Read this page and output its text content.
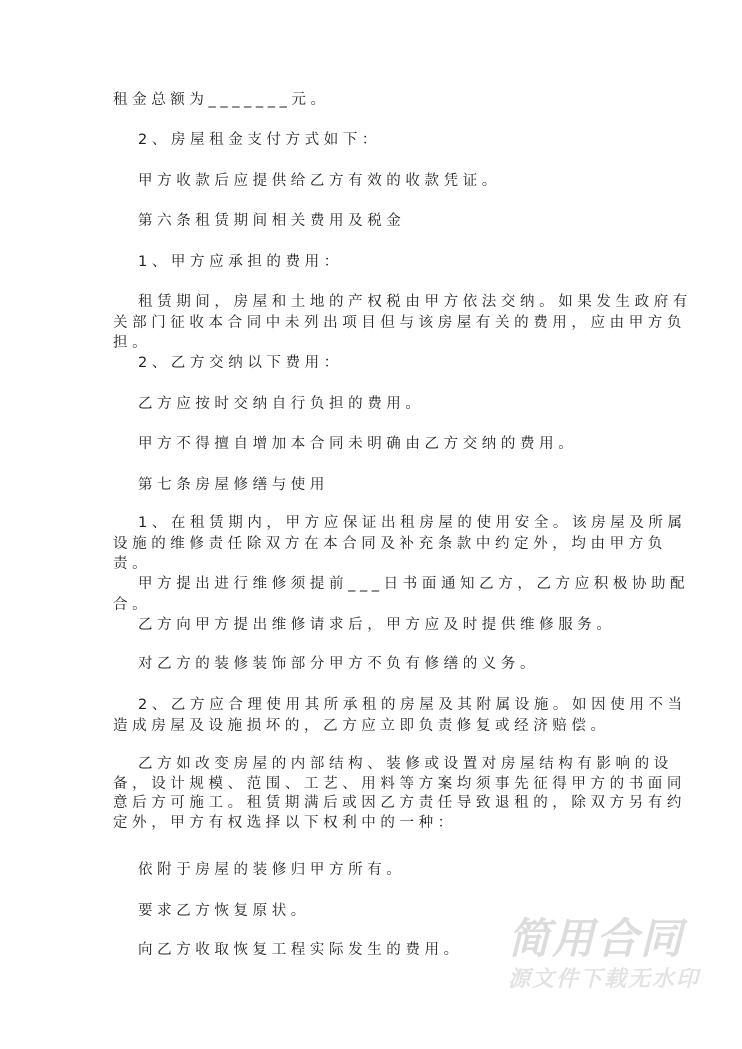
租金总额为_______元。

2、房屋租金支付方式如下：

甲方收款后应提供给乙方有效的收款凭证。

第六条租赁期间相关费用及税金

1、甲方应承担的费用：

租赁期间，房屋和土地的产权税由甲方依法交纳。如果发生政府有关部门征收本合同中未列出项目但与该房屋有关的费用，应由甲方负担。

2、乙方交纳以下费用：

乙方应按时交纳自行负担的费用。

甲方不得擅自增加本合同未明确由乙方交纳的费用。

第七条房屋修缮与使用

1、在租赁期内，甲方应保证出租房屋的使用安全。该房屋及所属设施的维修责任除双方在本合同及补充条款中约定外，均由甲方负责。

甲方提出进行维修须提前___日书面通知乙方，乙方应积极协助配合。

乙方向甲方提出维修请求后，甲方应及时提供维修服务。

对乙方的装修装饰部分甲方不负有修缮的义务。

2、乙方应合理使用其所承租的房屋及其附属设施。如因使用不当造成房屋及设施损坏的，乙方应立即负责修复或经济赔偿。

乙方如改变房屋的内部结构、装修或设置对房屋结构有影响的设备，设计规模、范围、工艺、用料等方案均须事先征得甲方的书面同意后方可施工。租赁期满后或因乙方责任导致退租的，除双方另有约定外，甲方有权选择以下权利中的一种：

依附于房屋的装修归甲方所有。

要求乙方恢复原状。

向乙方收取恢复工程实际发生的费用。	简用合同
源文件下载无水印
